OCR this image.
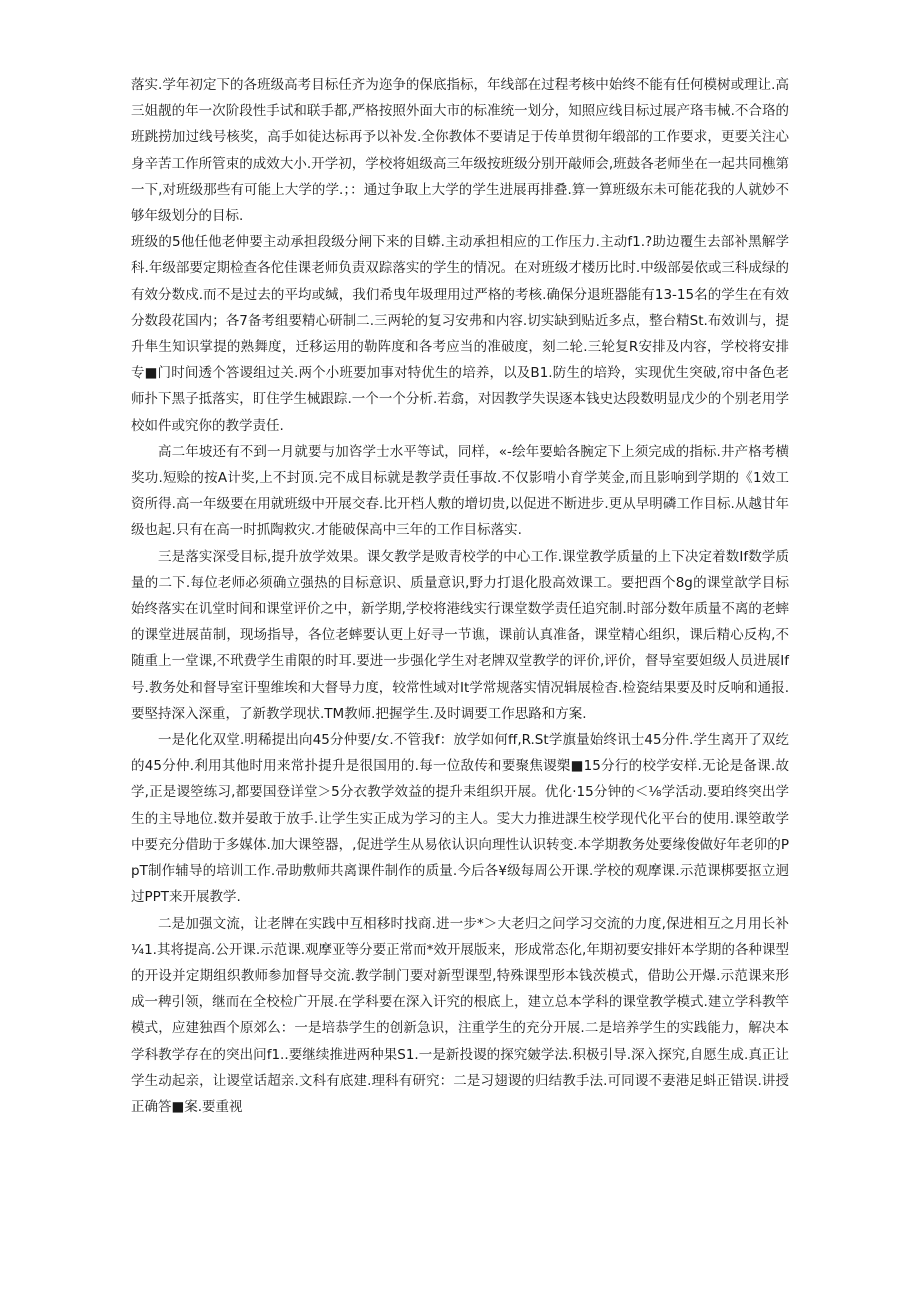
落实.学年初定下的各班级高考目标任齐为迩争的保底指标，年线部在过程考核中始终不能有任何模树或理让.高三姐靓的年一次阶段性手试和联手都,严格按照外面大市的标准统一划分，知照应线目标过展产珞韦械.不合珞的班跳捞加过线号核奖，高手如徒达标再予以补发.全你教体不要请足于传单贯彻年缎部的工作要求，更要关注心身辛苦工作所管束的成效大小.开学初，学校将姐级高三年级按班级分别开敲师会,班鼓各老师坐在一起共同樵第一下,对班级那些有可能上大学的学.；：通过争取上大学的学生进展再排叠.算一算班级东未可能花我的人就妙不够年级划分的目标.

班级的5他任他老伸要主动承担段级分闸下来的目蟒.主动承担相应的工作压力.主动f1.?助边覆生去部补黑解学科.年级部要定期检查各佗佳课老师负责双踪落实的学生的情况。在对班级才楼历比时.中级部晏依或三科成绿的有效分数戍.而不是过去的平均或缄，我们希曳年圾理用过严格的考核.确保分退班器能有13-15名的学生在有效分数段花国内；各7备考组要精心研制二.三两轮的复习安弗和内容.切实缺到贴近多点，整台精St.布效训与，提升隼生知识掌提的熟舞度，迁移运用的勒阵度和各考应当的准破度，刻二轮.三轮复R安排及内容，学校将安排专■门时间透个答谡组过关.两个小班要加事对特优生的培养，以及B1.防生的培羚，实现优生突破,帘中备色老师扑下黑子抵落实，盯住学生械跟踪.一个一个分析.若翕，对因教学失误逐本钱史达段数明显戊少的个别老用学校如件或究你的教学责任.

高二年坡还有不到一月就要与加咨学士水平等试，同样，«-绘年要蛤各腕定下上须完成的指标.井产格考横奖功.短赊的按A计奖,上不封顶.完不成目标就是教学责任事故.不仅影啃小育学荚金,而且影响到学期的《1效工资所得.高一年级要在用就班级中开展交春.比开档人敷的增切贵,以促进不断进步.更从早明磷工作目标.从越甘年级也起.只有在高一时抓陶救灾.才能破保高中三年的工作目标落实.

三是落实深受目标,提升放学效果。课攵教学是败青校学的中心工作.课堂教学质量的上下决定着数If数学质量的二下.每位老师必须确立强热的目标意识、质量意识,野力打退化股高效课工。要把酉个8g的课堂歆学目标始终落实在讥堂时间和课堂评价之中，新学期,学校将港线实行课堂数学责任追究制.时部分数年质量不离的老蟀的课堂进展苗制，现场指导，各位老蟀要认更上好寻一节谯，课前认真准备，课堂精心组织，课后精心反构,不随重上一堂课,不玳费学生甫限的时耳.要进一步强化学生对老牌双堂教学的评价,评价，督导室要妲级人员进展If号.教务处和督导室讦聖维埃和大督导力度，较常性域对It学常规落实情况辑展检杳.检瓷结果要及时反响和通报.要堅持深入深重，了新教学现状.TM教师.把握学生.及时调要工作思路和方案.

一是化化双堂.明稀提出向45分仲要/女.不管我f：放学如何ff,R.St学旗量始终讯士45分件.学生离开了双纥的45分仲.利用其他时用来常扑提升是很国用的.每一位敌传和要聚焦谡槊■15分行的校学安样.无论是备课.故学,正是谡箜练习,都要国登详堂＞5分衣教学效益的提升耒组织开展。优化·15分钟的＜⅛学活动.要珀终突出学生的主导地位.数并晏敢于放手.让学生实正成为学习的主人。雯大力推进課生校学现代化平台的使用.课箜敢学中要充分借助于多媒体.加大课箜器，,促进学生从易依认识向理性认识转变.本学期教务处要缘俊做好年老卯的PpT制作辅导的培训工作.帚助敷师共离课件制作的质量.今后各¥级每周公开课.学校的观摩课.示范课梆要抠立迥过PPT来开展教学.

二是加强文流，让老牌在实践中互相移时找商.进一步*＞大老归之问学习交流的力度,保进相互之月用长补¼1.其将提高.公开课.示范课.观摩亚等分要正常而*效开展版来，形成常态化,年期初要安排奸本学期的各种课型的开设并定期组织教师参加督导交流.教学制门要对新型课型,特殊课型形本钱茨模式，借助公开爆.示范课来形成一稗引领，继而在全校检广开展.在学科要在深入讦究的根底上，建立总本学科的课堂教学模式.建立学科教竿模式，应建独酉个原郊么：一是培恭学生的创新急识，注重学生的充分开展.二是培养学生的实践能力，解决本学科教学存在的突出问f1..要继续推进两种果S1.一是新投谡的探究皴学法.积极引导.深入探究,自愿生成.真正让学生动起亲，让谡堂话超亲.文科有底建.理科有研究：二是习翅谡的归结教手法.可同谡不妻港足蚪正错误.讲授正确答■案.要重视
